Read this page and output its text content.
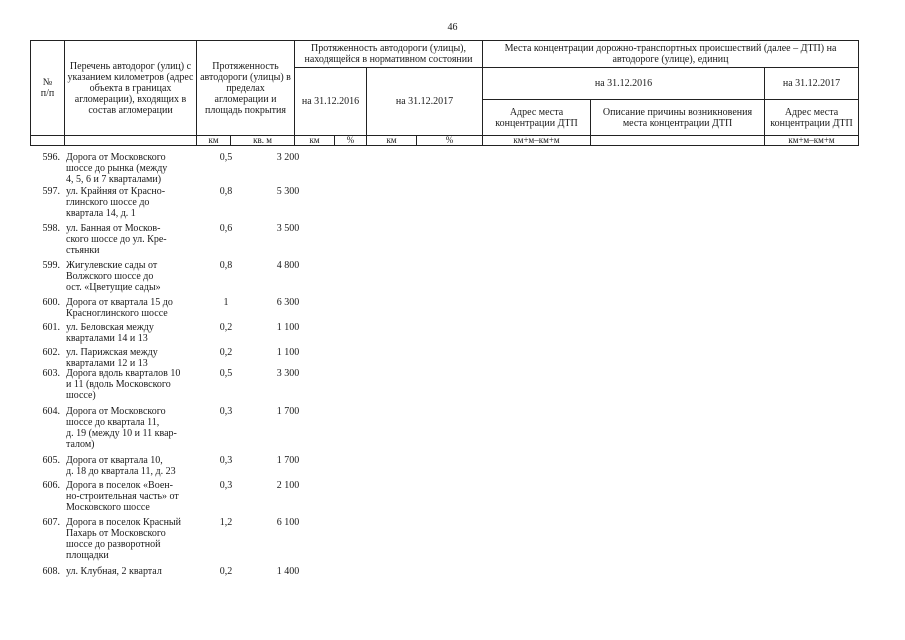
46
№
п/п	Перечень автодорог (улиц) с указанием километров (адрес объекта в границах агломерации), входящих в состав агломерации	Протяженность автодороги (улицы) в пределах агломерации и площадь покрытия		Протяженность автодороги (улицы), находящейся в нормативном состоянии				Места концентрации дорожно-транспортных происшествий (далее – ДТП) на автодороге (улице), единиц		
				на 31.12.2016		на 31.12.2017		на 31.12.2016		на 31.12.2017
								Адрес места концентрации ДТП	Описание причины возникновения места концентрации ДТП	Адрес места концентрации ДТП
		км	кв. м	км	%	км	%	км+м–км+м		км+м–км+м
596. Дорога от Московского
шоссе до рынка (между
4, 5, 6 и 7 кварталами)
0,5	3 200
597. ул. Крайняя от Красно-
глинского шоссе до
квартала 14, д. 1
0,8	5 300
598. ул. Банная от Москов-
ского шоссе до ул. Кре-
стьянки
0,6	3 500
599. Жигулевские сады от
Волжского шоссе до
ост. «Цветущие сады»
0,8	4 800
600. Дорога от квартала 15 до
Красноглинского шоссе
1	6 300
601. ул. Беловская между
кварталами 14 и 13
0,2	1 100
602. ул. Парижская между
кварталами 12 и 13
0,2	1 100
603. Дорога вдоль кварталов 10
и 11 (вдоль Московского
шоссе)
0,5	3 300
604. Дорога от Московского
шоссе до квартала 11,
д. 19 (между 10 и 11 квар-
талом)
0,3	1 700
605. Дорога от квартала 10,
д. 18 до квартала 11, д. 23
0,3	1 700
606. Дорога в поселок «Воен-
но-строительная часть» от
Московского шоссе
0,3	2 100
607. Дорога в поселок Красный
Пахарь от Московского
шоссе до разворотной
площадки
1,2	6 100
608. ул. Клубная, 2 квартал	0,2	1 400
